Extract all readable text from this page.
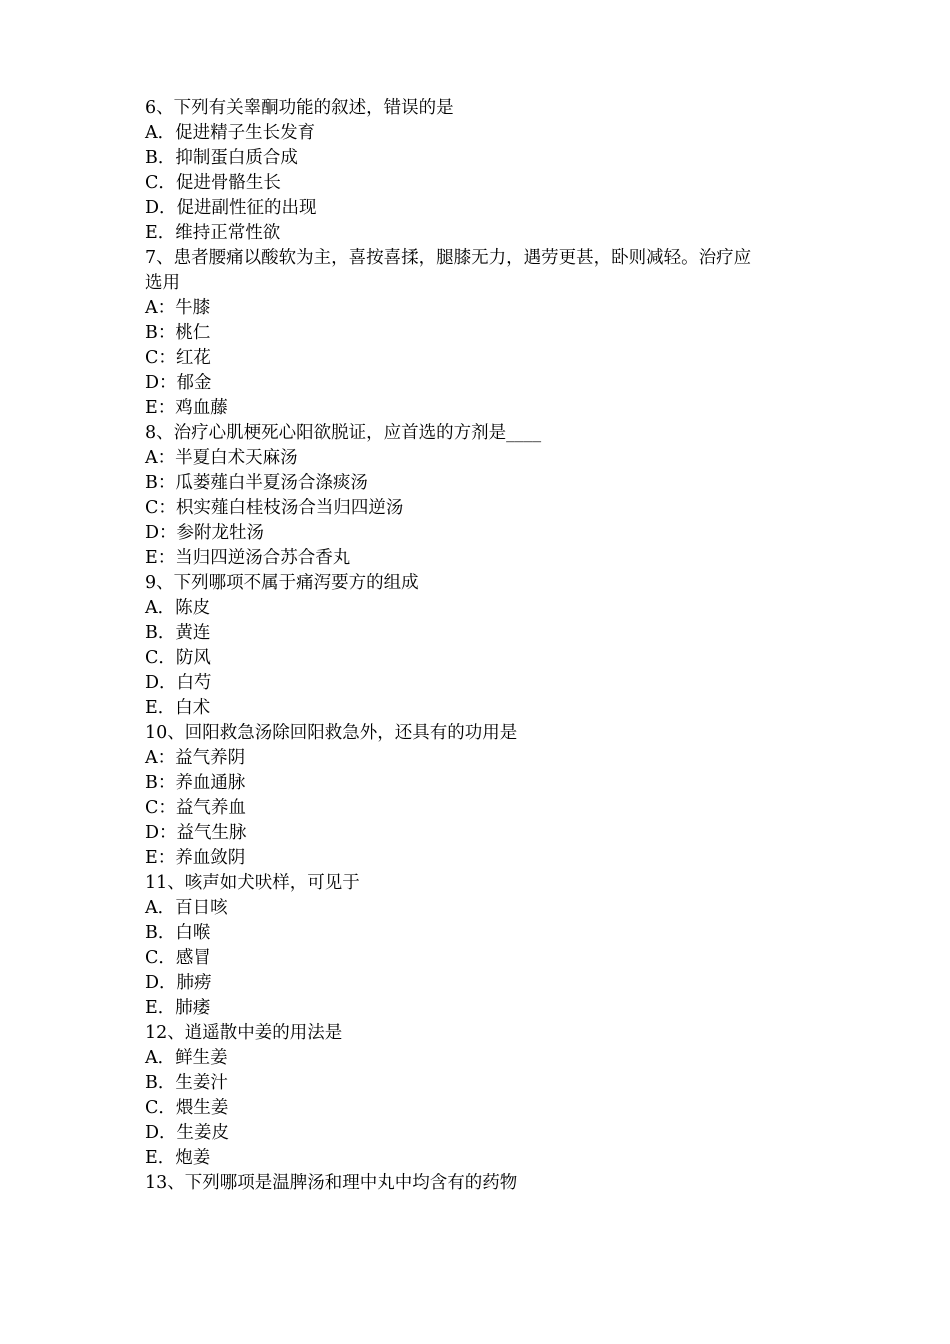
6、下列有关睾酮功能的叙述，错误的是
A．促进精子生长发育
B．抑制蛋白质合成
C．促进骨骼生长
D．促进副性征的出现
E．维持正常性欲
7、患者腰痛以酸软为主，喜按喜揉，腿膝无力，遇劳更甚，卧则减轻。治疗应
选用
A：牛膝
B：桃仁
C：红花
D：郁金
E：鸡血藤
8、治疗心肌梗死心阳欲脱证，应首选的方剂是____
A：半夏白术天麻汤
B：瓜蒌薤白半夏汤合涤痰汤
C：枳实薤白桂枝汤合当归四逆汤
D：参附龙牡汤
E：当归四逆汤合苏合香丸
9、下列哪项不属于痛泻要方的组成
A．陈皮
B．黄连
C．防风
D．白芍
E．白术
10、回阳救急汤除回阳救急外，还具有的功用是
A：益气养阴
B：养血通脉
C：益气养血
D：益气生脉
E：养血敛阴
11、咳声如犬吠样，可见于
A．百日咳
B．白喉
C．感冒
D．肺痨
E．肺痿
12、逍遥散中姜的用法是
A．鲜生姜
B．生姜汁
C．煨生姜
D．生姜皮
E．炮姜
13、下列哪项是温脾汤和理中丸中均含有的药物
